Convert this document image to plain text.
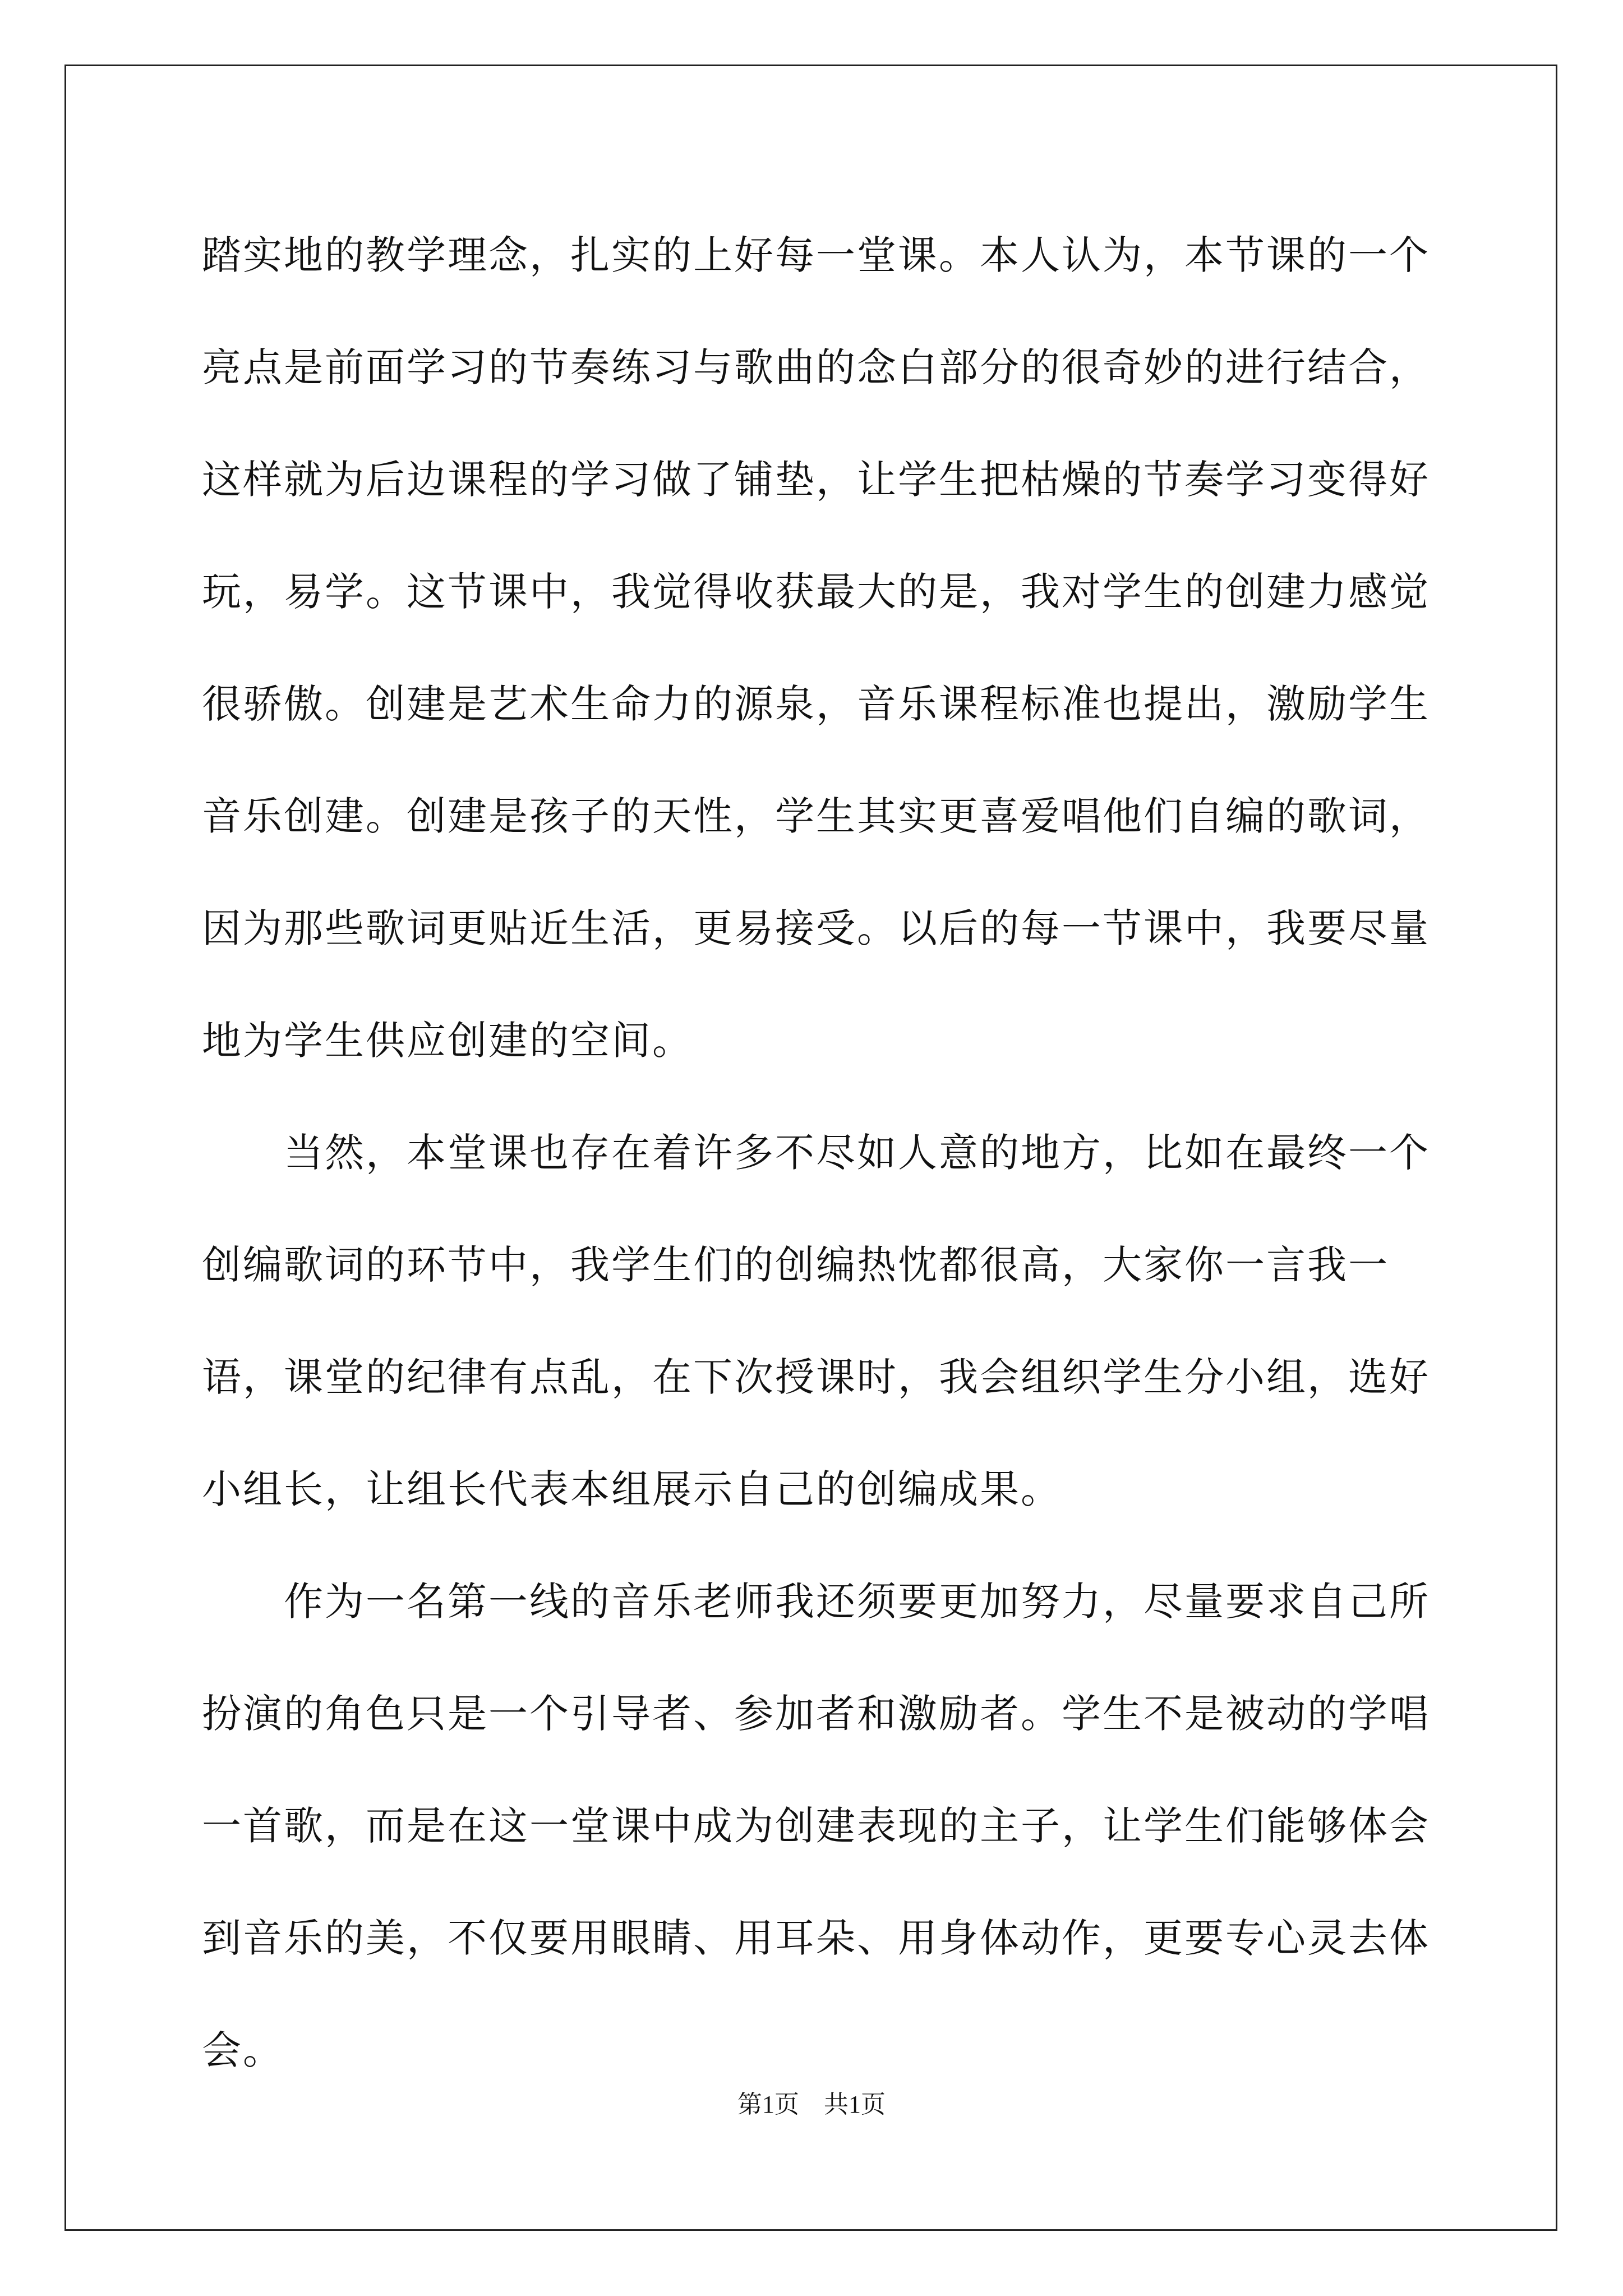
踏实地的教学理念，扎实的上好每一堂课。本人认为，本节课的一个亮点是前面学习的节奏练习与歌曲的念白部分的很奇妙的进行结合，这样就为后边课程的学习做了铺垫，让学生把枯燥的节奏学习变得好玩，易学。这节课中，我觉得收获最大的是，我对学生的创建力感觉很骄傲。创建是艺术生命力的源泉，音乐课程标准也提出，激励学生音乐创建。创建是孩子的天性，学生其实更喜爱唱他们自编的歌词，因为那些歌词更贴近生活，更易接受。以后的每一节课中，我要尽量地为学生供应创建的空间。

当然，本堂课也存在着许多不尽如人意的地方，比如在最终一个创编歌词的环节中，我学生们的创编热忱都很高，大家你一言我一语，课堂的纪律有点乱，在下次授课时，我会组织学生分小组，选好小组长，让组长代表本组展示自己的创编成果。

作为一名第一线的音乐老师我还须要更加努力，尽量要求自己所扮演的角色只是一个引导者、参加者和激励者。学生不是被动的学唱一首歌，而是在这一堂课中成为创建表现的主子，让学生们能够体会到音乐的美，不仅要用眼睛、用耳朵、用身体动作，更要专心灵去体会。

第1页　共1页
